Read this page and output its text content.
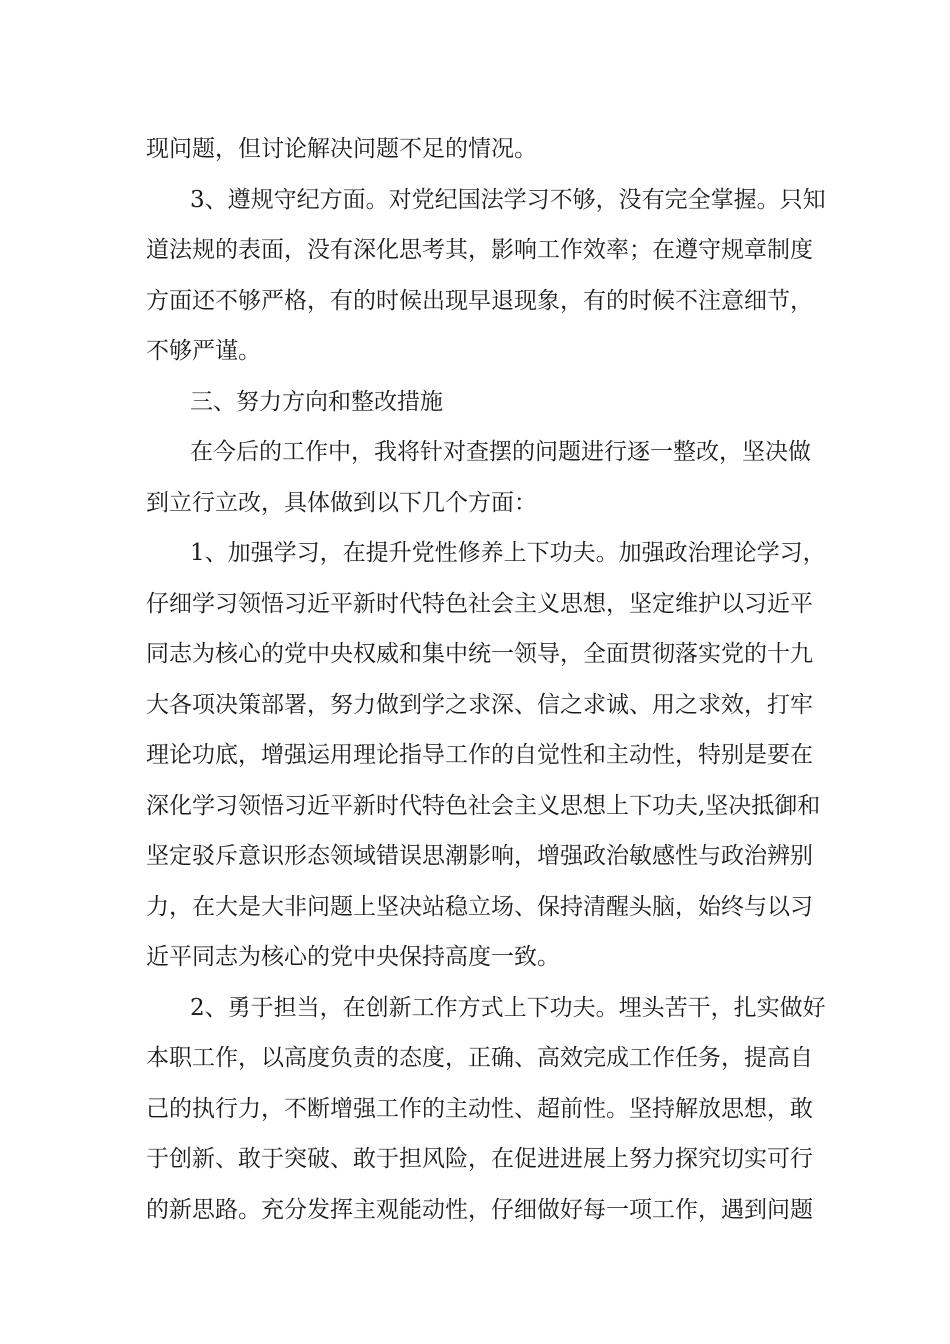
现问题，但讨论解决问题不足的情况。
3、遵规守纪方面。对党纪国法学习不够，没有完全掌握。只知
道法规的表面，没有深化思考其，影响工作效率；在遵守规章制度
方面还不够严格，有的时候出现早退现象，有的时候不注意细节，
不够严谨。
三、努力方向和整改措施
在今后的工作中，我将针对查摆的问题进行逐一整改，坚决做
到立行立改，具体做到以下几个方面：
1、加强学习，在提升党性修养上下功夫。加强政治理论学习，
仔细学习领悟习近平新时代特色社会主义思想，坚定维护以习近平
同志为核心的党中央权威和集中统一领导，全面贯彻落实党的十九
大各项决策部署，努力做到学之求深、信之求诚、用之求效，打牢
理论功底，增强运用理论指导工作的自觉性和主动性，特别是要在
深化学习领悟习近平新时代特色社会主义思想上下功夫,坚决抵御和
坚定驳斥意识形态领域错误思潮影响，增强政治敏感性与政治辨别
力，在大是大非问题上坚决站稳立场、保持清醒头脑，始终与以习
近平同志为核心的党中央保持高度一致。
2、勇于担当，在创新工作方式上下功夫。埋头苦干，扎实做好
本职工作，以高度负责的态度，正确、高效完成工作任务，提高自
己的执行力，不断增强工作的主动性、超前性。坚持解放思想，敢
于创新、敢于突破、敢于担风险，在促进进展上努力探究切实可行
的新思路。充分发挥主观能动性，仔细做好每一项工作，遇到问题
